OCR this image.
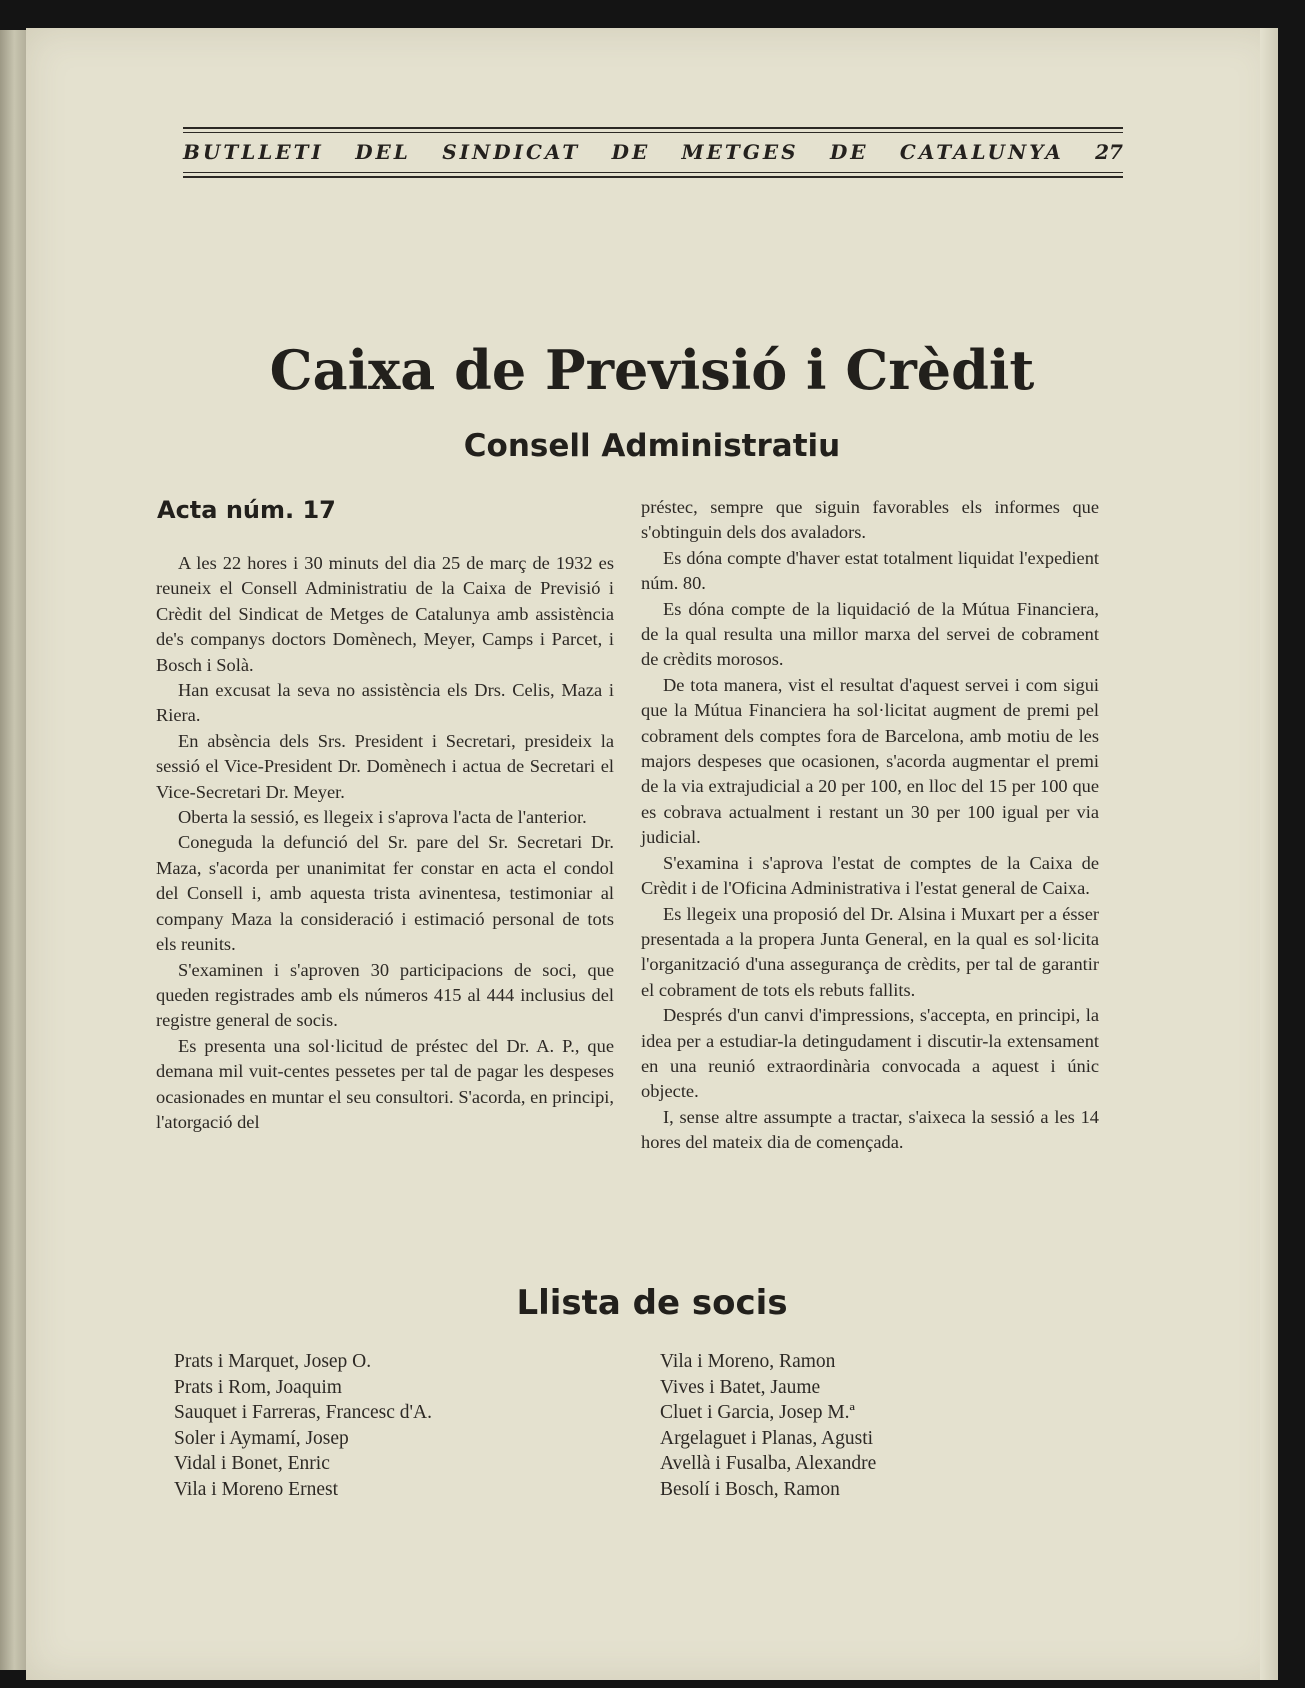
BUTLLETI DEL SINDICAT DE METGES DE CATALUNYA 27
Caixa de Previsió i Crèdit
Consell Administratiu
Acta núm. 17

A les 22 hores i 30 minuts del dia 25 de març de 1932 es reuneix el Consell Administratiu de la Caixa de Previsió i Crèdit del Sindicat de Metges de Catalunya amb assistència de's companys doctors Domènech, Meyer, Camps i Parcet, i Bosch i Solà.

Han excusat la seva no assistència els Drs. Celis, Maza i Riera.

En absència dels Srs. President i Secretari, presideix la sessió el Vice-President Dr. Domènech i actua de Secretari el Vice-Secretari Dr. Meyer.

Oberta la sessió, es llegeix i s'aprova l'acta de l'anterior.

Coneguda la defunció del Sr. pare del Sr. Secretari Dr. Maza, s'acorda per unanimitat fer constar en acta el condol del Consell i, amb aquesta trista avinentesa, testimoniar al company Maza la consideració i estimació personal de tots els reunits.

S'examinen i s'aproven 30 participacions de soci, que queden registrades amb els números 415 al 444 inclusius del registre general de socis.

Es presenta una sol·licitud de préstec del Dr. A. P., que demana mil vuit-centes pessetes per tal de pagar les despeses ocasionades en muntar el seu consultori. S'acorda, en principi, l'atorgació del

préstec, sempre que siguin favorables els informes que s'obtinguin dels dos avaladors.

Es dóna compte d'haver estat totalment liquidat l'expedient núm. 80.

Es dóna compte de la liquidació de la Mútua Financiera, de la qual resulta una millor marxa del servei de cobrament de crèdits morosos.

De tota manera, vist el resultat d'aquest servei i com sigui que la Mútua Financiera ha sol·licitat augment de premi pel cobrament dels comptes fora de Barcelona, amb motiu de les majors despeses que ocasionen, s'acorda augmentar el premi de la via extrajudicial a 20 per 100, en lloc del 15 per 100 que es cobrava actualment i restant un 30 per 100 igual per via judicial.

S'examina i s'aprova l'estat de comptes de la Caixa de Crèdit i de l'Oficina Administrativa i l'estat general de Caixa.

Es llegeix una proposió del Dr. Alsina i Muxart per a ésser presentada a la propera Junta General, en la qual es sol·licita l'organització d'una assegurança de crèdits, per tal de garantir el cobrament de tots els rebuts fallits.

Després d'un canvi d'impressions, s'accepta, en principi, la idea per a estudiar-la detingudament i discutir-la extensament en una reunió extraordinària convocada a aquest i únic objecte.

I, sense altre assumpte a tractar, s'aixeca la sessió a les 14 hores del mateix dia de començada.

Llista de socis
Prats i Marquet, Josep O.
Prats i Rom, Joaquim
Sauquet i Farreras, Francesc d'A.
Soler i Aymamí, Josep
Vidal i Bonet, Enric
Vila i Moreno Ernest
Vila i Moreno, Ramon
Vives i Batet, Jaume
Cluet i Garcia, Josep M.ª
Argelaguet i Planas, Agusti
Avellà i Fusalba, Alexandre
Besolí i Bosch, Ramon
